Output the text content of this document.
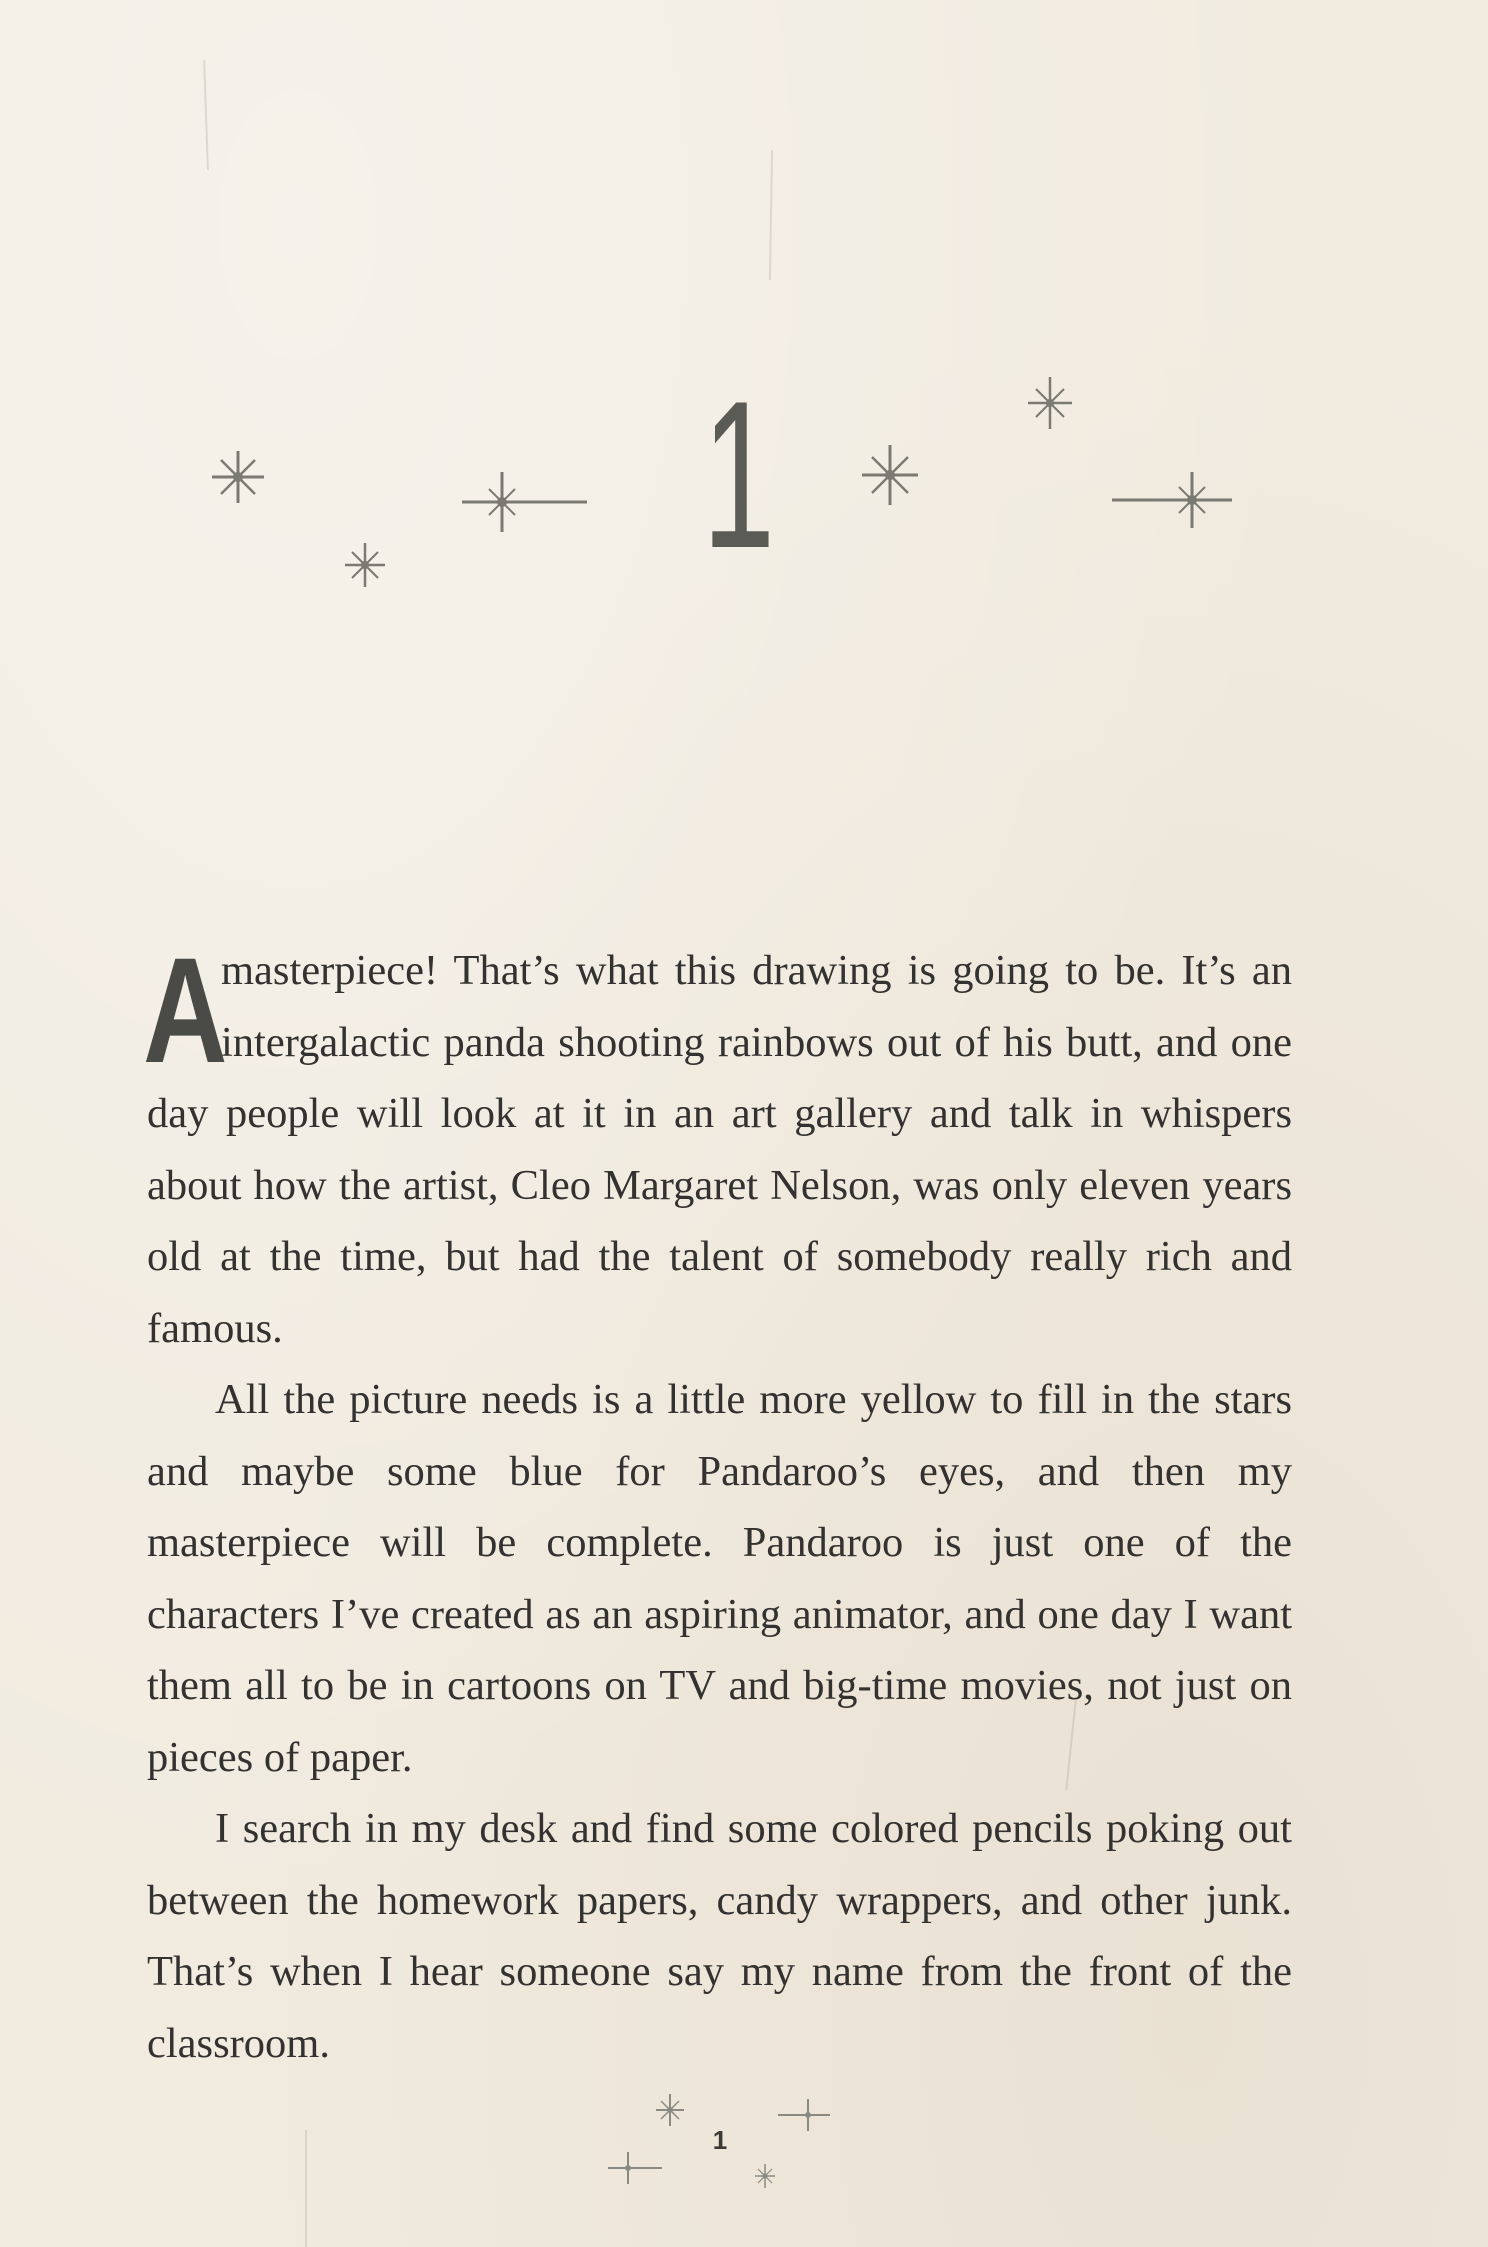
1

A
masterpiece! That’s what this drawing is going to be. It’s an intergalactic panda shooting rainbows out of his butt, and one day people will look at it in an art gallery and talk in whispers about how the artist, Cleo Margaret Nelson, was only eleven years old at the time, but had the talent of somebody really rich and famous.

All the picture needs is a little more yellow to fill in the stars and maybe some blue for Pandaroo’s eyes, and then my masterpiece will be complete. Pandaroo is just one of the characters I’ve created as an aspiring animator, and one day I want them all to be in cartoons on TV and big-time movies, not just on pieces of paper.

I search in my desk and find some colored pencils poking out between the homework papers, candy wrappers, and other junk. That’s when I hear someone say my name from the front of the classroom.

1
